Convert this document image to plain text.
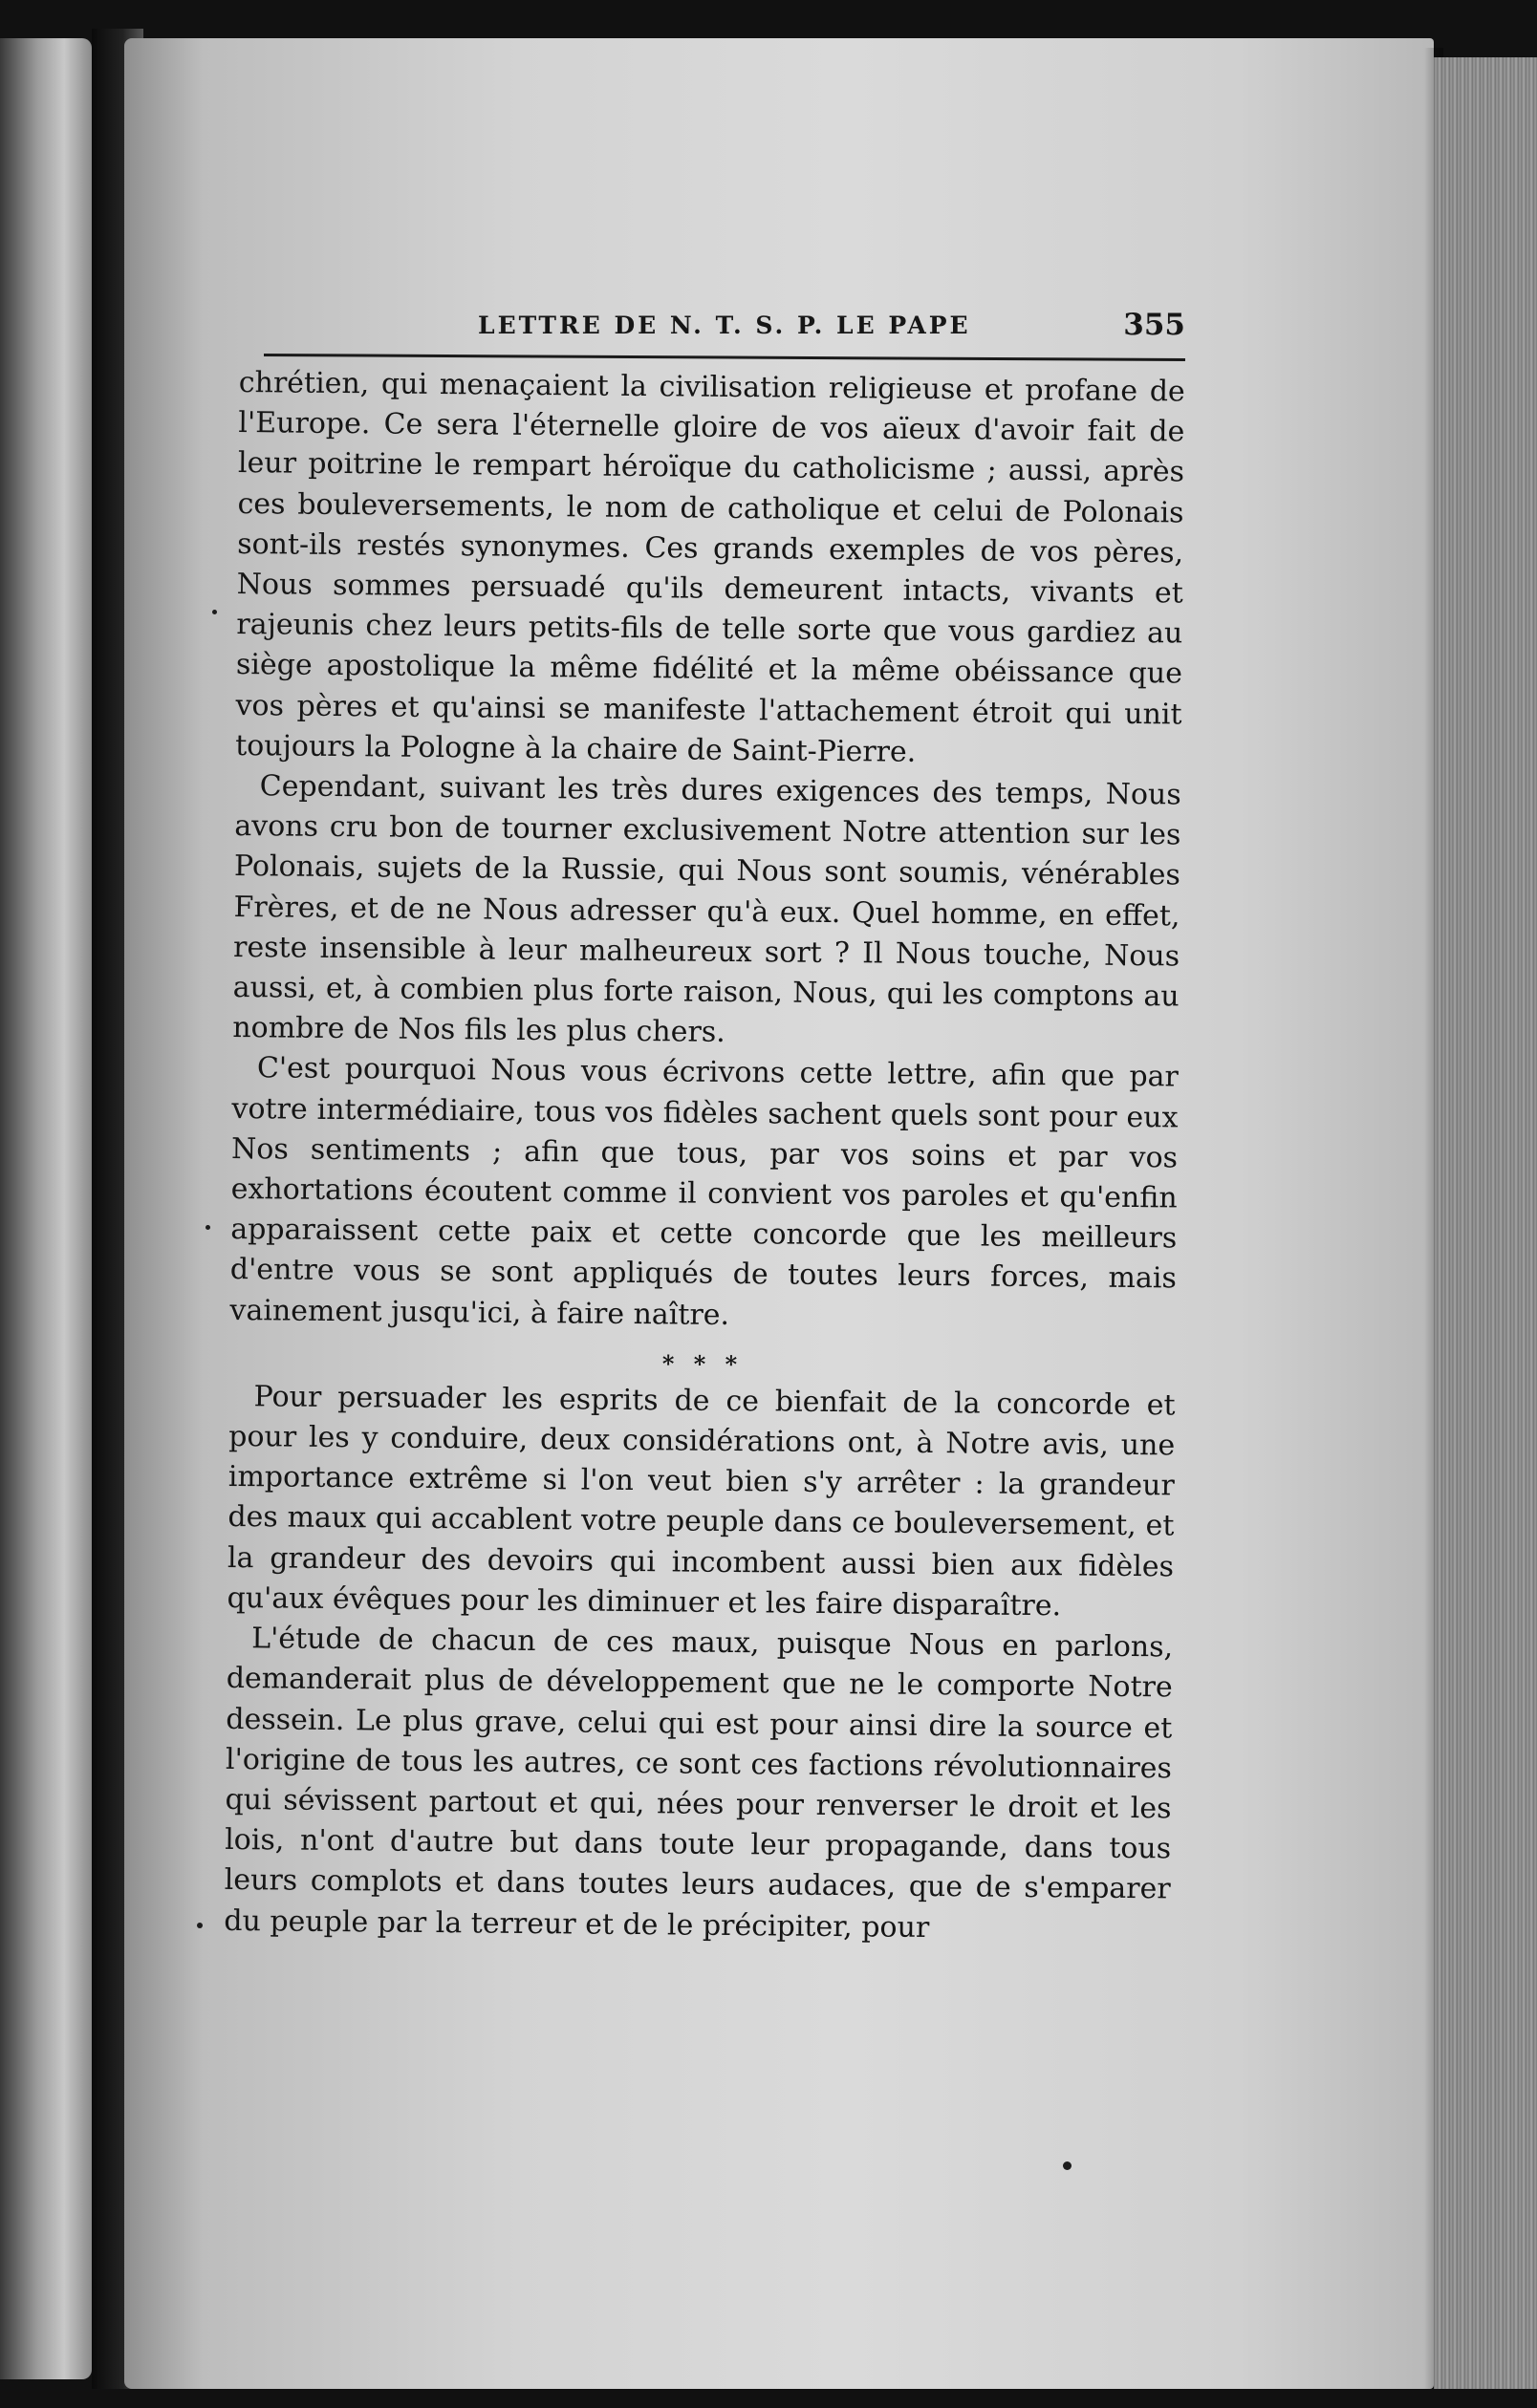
LETTRE DE N. T. S. P. LE PAPE	355

chrétien, qui menaçaient la civilisation religieuse et profane de l'Europe. Ce sera l'éternelle gloire de vos aïeux d'avoir fait de leur poitrine le rempart héroïque du catholicisme ; aussi, après ces bouleversements, le nom de catholique et celui de Polonais sont-ils restés synonymes. Ces grands exemples de vos pères, Nous sommes persuadé qu'ils demeurent intacts, vivants et rajeunis chez leurs petits-fils de telle sorte que vous gardiez au siège apostolique la même fidélité et la même obéissance que vos pères et qu'ainsi se manifeste l'attachement étroit qui unit toujours la Pologne à la chaire de Saint-Pierre.

Cependant, suivant les très dures exigences des temps, Nous avons cru bon de tourner exclusivement Notre attention sur les Polonais, sujets de la Russie, qui Nous sont soumis, vénérables Frères, et de ne Nous adresser qu'à eux. Quel homme, en effet, reste insensible à leur malheureux sort ? Il Nous touche, Nous aussi, et, à combien plus forte raison, Nous, qui les comptons au nombre de Nos fils les plus chers.

C'est pourquoi Nous vous écrivons cette lettre, afin que par votre intermédiaire, tous vos fidèles sachent quels sont pour eux Nos sentiments ; afin que tous, par vos soins et par vos exhortations écoutent comme il convient vos paroles et qu'enfin apparaissent cette paix et cette concorde que les meilleurs d'entre vous se sont appliqués de toutes leurs forces, mais vainement jusqu'ici, à faire naître.

* * *

Pour persuader les esprits de ce bienfait de la concorde et pour les y conduire, deux considérations ont, à Notre avis, une importance extrême si l'on veut bien s'y arrêter : la grandeur des maux qui accablent votre peuple dans ce bouleversement, et la grandeur des devoirs qui incombent aussi bien aux fidèles qu'aux évêques pour les diminuer et les faire disparaître.

L'étude de chacun de ces maux, puisque Nous en parlons, demanderait plus de développement que ne le comporte Notre dessein. Le plus grave, celui qui est pour ainsi dire la source et l'origine de tous les autres, ce sont ces factions révolutionnaires qui sévissent partout et qui, nées pour renverser le droit et les lois, n'ont d'autre but dans toute leur propagande, dans tous leurs complots et dans toutes leurs audaces, que de s'emparer du peuple par la terreur et de le précipiter, pour
